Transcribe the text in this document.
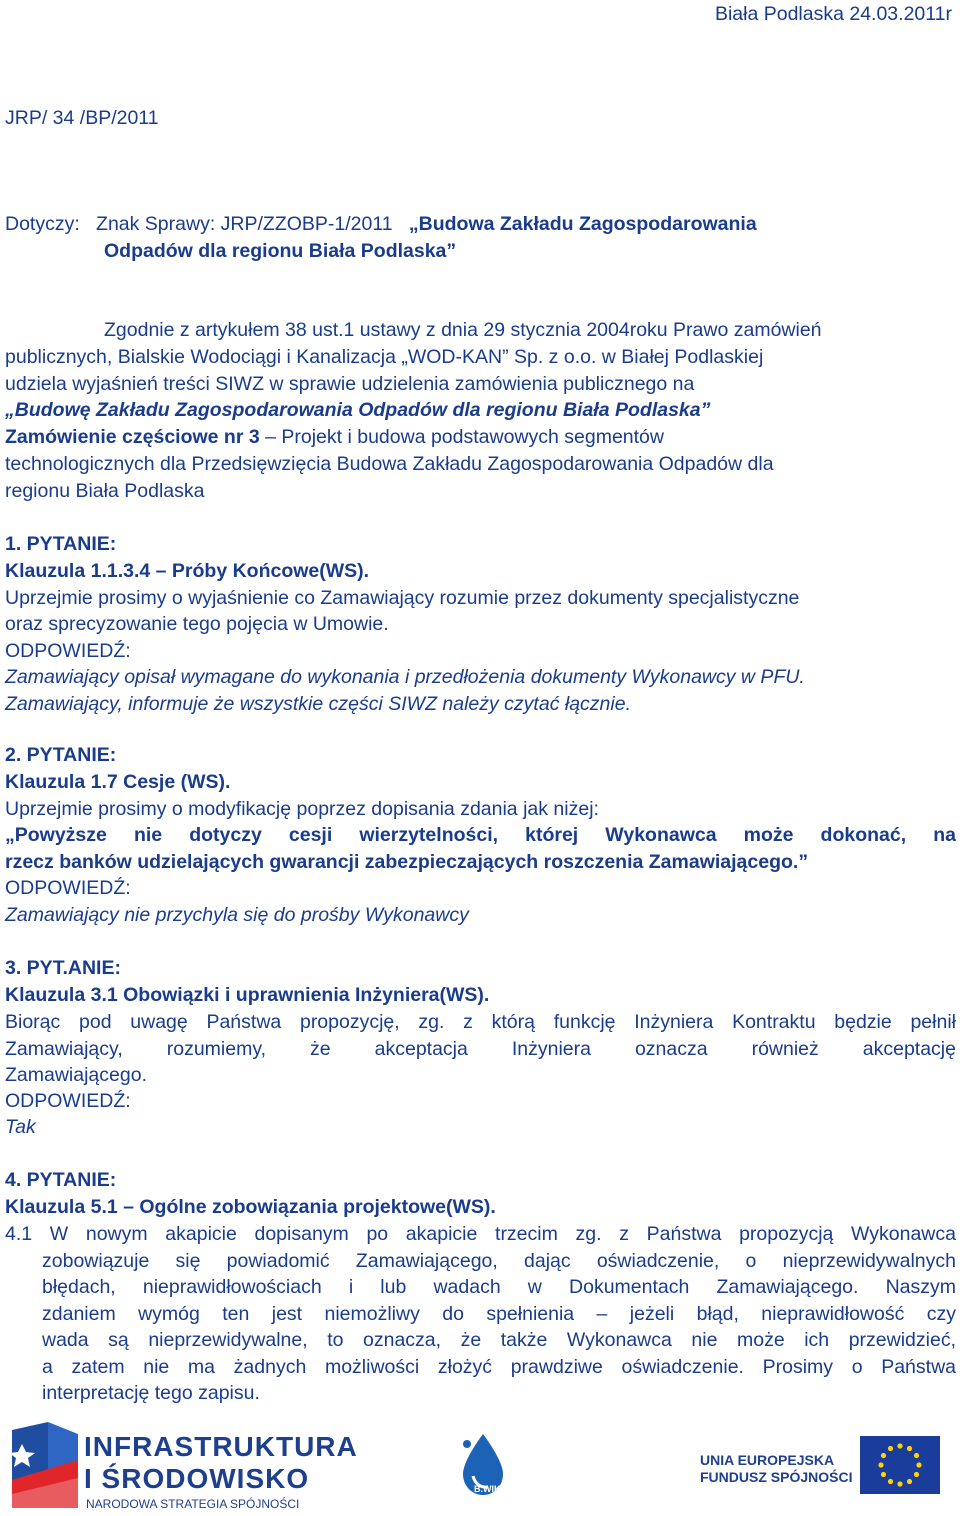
Biała Podlaska 24.03.2011r
JRP/ 34 /BP/2011
Dotyczy: Znak Sprawy: JRP/ZZOBP-1/2011 „Budowa Zakładu Zagospodarowania
Odpadów dla regionu Biała Podlaska”
Zgodnie z artykułem 38 ust.1 ustawy z dnia 29 stycznia 2004roku Prawo zamówień
publicznych, Bialskie Wodociągi i Kanalizacja „WOD-KAN” Sp. z o.o. w Białej Podlaskiej
udziela wyjaśnień treści SIWZ w sprawie udzielenia zamówienia publicznego na
„Budowę Zakładu Zagospodarowania Odpadów dla regionu Biała Podlaska”
Zamówienie częściowe nr 3 – Projekt i budowa podstawowych segmentów
technologicznych dla Przedsięwzięcia Budowa Zakładu Zagospodarowania Odpadów dla
regionu Biała Podlaska
1. PYTANIE:
Klauzula 1.1.3.4 – Próby Końcowe(WS).
Uprzejmie prosimy o wyjaśnienie co Zamawiający rozumie przez dokumenty specjalistyczne
oraz sprecyzowanie tego pojęcia w Umowie.
ODPOWIEDŹ:
Zamawiający opisał wymagane do wykonania i przedłożenia dokumenty Wykonawcy w PFU.
Zamawiający, informuje że wszystkie części SIWZ należy czytać łącznie.
2. PYTANIE:
Klauzula 1.7 Cesje (WS).
Uprzejmie prosimy o modyfikację poprzez dopisania zdania jak niżej:
„Powyższe nie dotyczy cesji wierzytelności, której Wykonawca może dokonać, na
rzecz banków udzielających gwarancji zabezpieczających roszczenia Zamawiającego.”
ODPOWIEDŹ:
Zamawiający nie przychyla się do prośby Wykonawcy
3. PYT.ANIE:
Klauzula 3.1 Obowiązki i uprawnienia Inżyniera(WS).
Biorąc pod uwagę Państwa propozycję, zg. z którą funkcję Inżyniera Kontraktu będzie pełnił
Zamawiający, rozumiemy, że akceptacja Inżyniera oznacza również akceptację
Zamawiającego.
ODPOWIEDŹ:
Tak
4. PYTANIE:
Klauzula 5.1 – Ogólne zobowiązania projektowe(WS).
4.1 W nowym akapicie dopisanym po akapicie trzecim zg. z Państwa propozycją Wykonawca
zobowiązuje się powiadomić Zamawiającego, dając oświadczenie, o nieprzewidywalnych
błędach, nieprawidłowościach i lub wadach w Dokumentach Zamawiającego. Naszym
zdaniem wymóg ten jest niemożliwy do spełnienia – jeżeli błąd, nieprawidłowość czy
wada są nieprzewidywalne, to oznacza, że także Wykonawca nie może ich przewidzieć,
a zatem nie ma żadnych możliwości złożyć prawdziwe oświadczenie. Prosimy o Państwa
interpretację tego zapisu.
INFRASTRUKTURA
I ŚRODOWISKO
NARODOWA STRATEGIA SPÓJNOŚCI
B.WIK
UNIA EUROPEJSKA
FUNDUSZ SPÓJNOŚCI
